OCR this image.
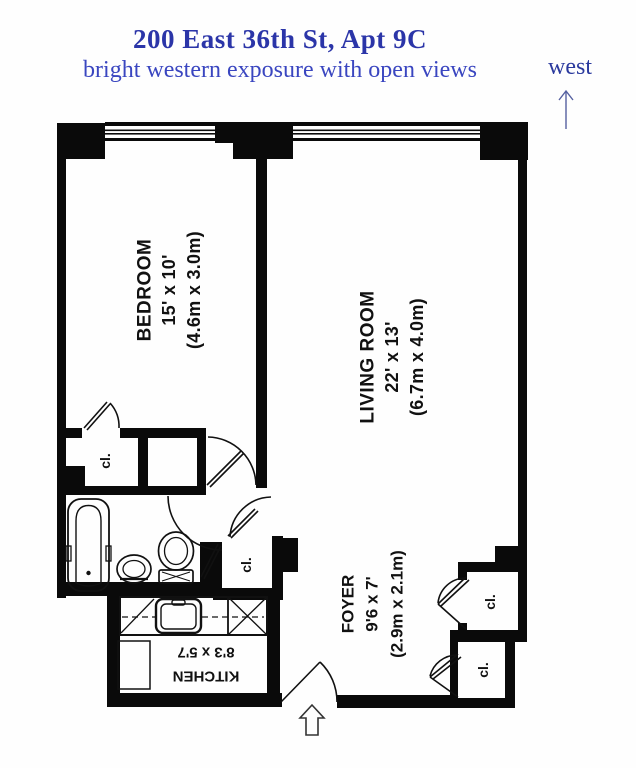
200 East 36th St, Apt 9C
bright western exposure with open views	west
BEDROOM 15' x 10' (4.6m x 3.0m)
LIVING ROOM 22' x 13' (6.7m x 4.0m)
FOYER 9'6 x 7' (2.9m x 2.1m)
8'3 x 5'7
KITCHEN
cl.
cl.
cl.
cl.
